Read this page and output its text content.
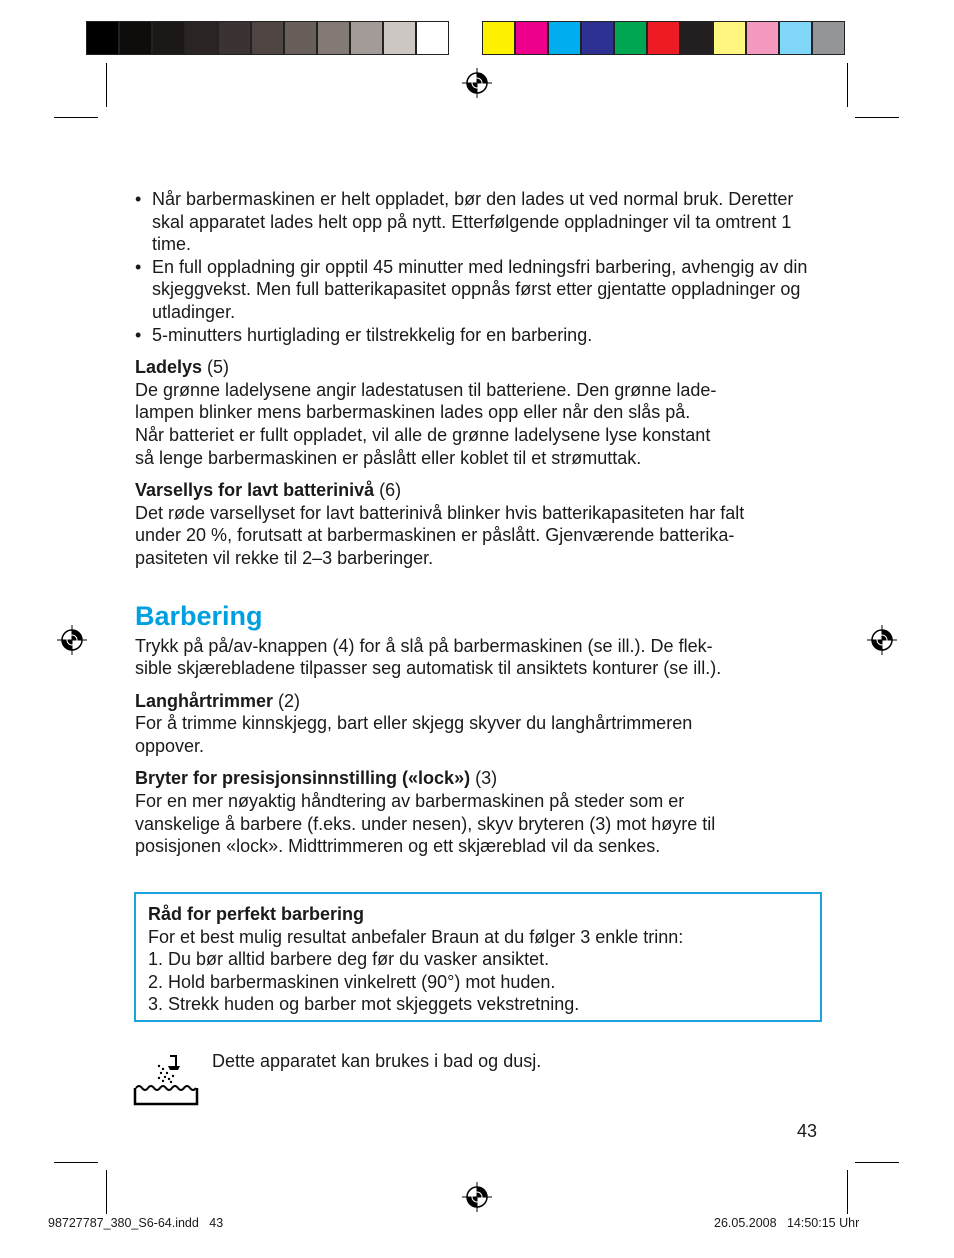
• Når barbermaskinen er helt oppladet, bør den lades ut ved normal bruk. Deretter skal apparatet lades helt opp på nytt. Etterfølgende oppladninger vil ta omtrent 1 time.
• En full oppladning gir opptil 45 minutter med ledningsfri barbering, avhengig av din skjeggvekst. Men full batterikapasitet oppnås først etter gjentatte oppladninger og utladinger.
• 5-minutters hurtiglading er tilstrekkelig for en barbering.

Ladelys (5)

De grønne ladelysene angir ladestatusen til batteriene. Den grønne lade-

lampen blinker mens barbermaskinen lades opp eller når den slås på.

Når batteriet er fullt oppladet, vil alle de grønne ladelysene lyse konstant

så lenge barbermaskinen er påslått eller koblet til et strømuttak.

Varsellys for lavt batterinivå (6)

Det røde varsellyset for lavt batterinivå blinker hvis batterikapasiteten har falt

under 20 %, forutsatt at barbermaskinen er påslått. Gjenværende batterika-

pasiteten vil rekke til 2–3 barberinger.

Barbering

Trykk på på/av-knappen (4) for å slå på barbermaskinen (se ill.). De flek-

sible skjærebladene tilpasser seg automatisk til ansiktets konturer (se ill.).

Langhårtrimmer (2)

For å trimme kinnskjegg, bart eller skjegg skyver du langhårtrimmeren

oppover.

Bryter for presisjonsinnstilling («lock») (3)

For en mer nøyaktig håndtering av barbermaskinen på steder som er

vanskelige å barbere (f.eks. under nesen), skyv bryteren (3) mot høyre til

posisjonen «lock». Midttrimmeren og ett skjæreblad vil da senkes.

Råd for perfekt barbering

For et best mulig resultat anbefaler Braun at du følger 3 enkle trinn:

1. Du bør alltid barbere deg før du vasker ansiktet.

2. Hold barbermaskinen vinkelrett (90°) mot huden.

3. Strekk huden og barber mot skjeggets vekstretning.

Dette apparatet kan brukes i bad og dusj.
43
98727787_380_S6-64.indd   43	26.05.2008   14:50:15 Uhr
